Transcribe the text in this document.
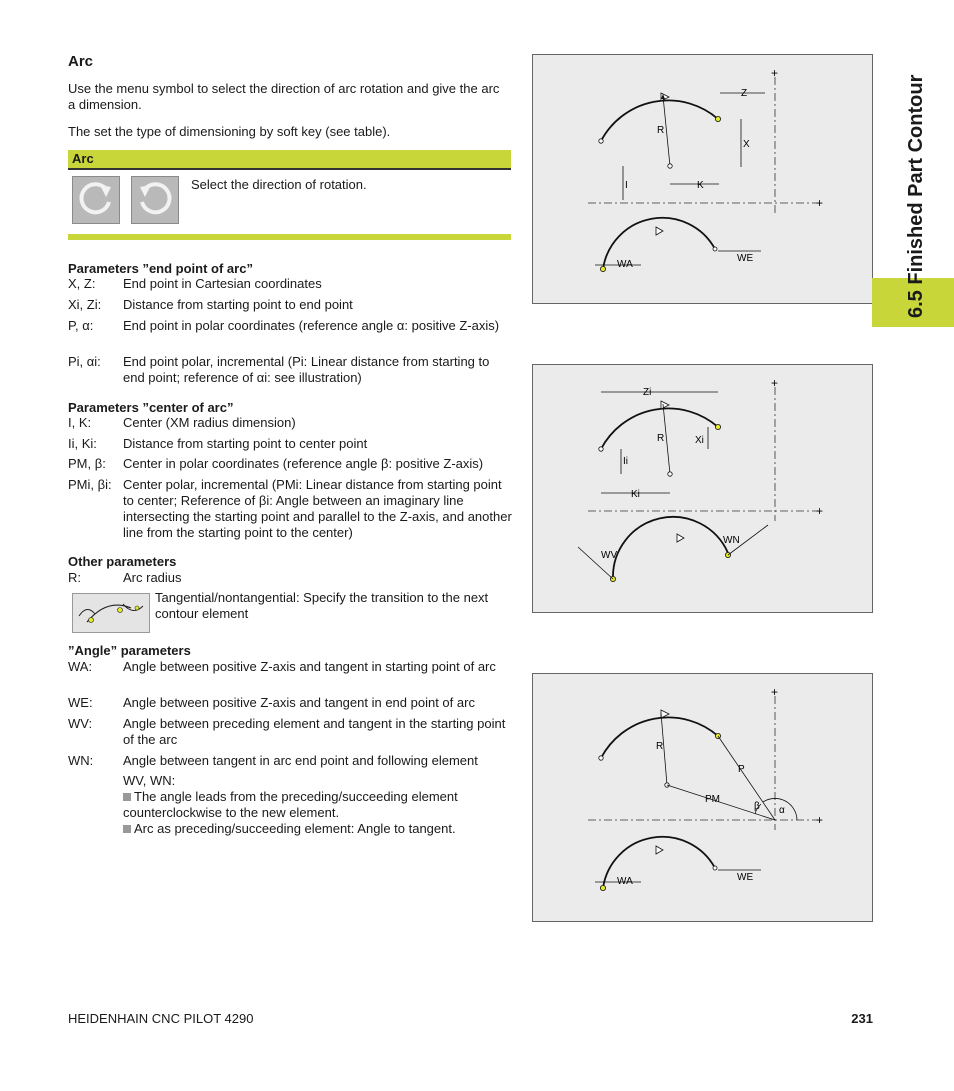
Arc
Use the menu symbol to select the direction of arc rotation and give the arc a dimension.
The set the type of dimensioning by soft key (see table).
Arc
Select the direction of rotation.
Parameters ”end point of arc”
X, Z: End point in Cartesian coordinates
Xi, Zi: Distance from starting point to end point
P, α: End point in polar coordinates (reference angle α: positive Z-axis)
Pi, αi: End point polar, incremental (Pi: Linear distance from starting to end point; reference of αi: see illustration)
Parameters ”center of arc”
I, K: Center (XM radius dimension)
Ii, Ki: Distance from starting point to center point
PM, β: Center in polar coordinates (reference angle β: positive Z-axis)
PMi, βi: Center polar, incremental (PMi: Linear distance from starting point to center; Reference of βi: Angle between an imaginary line intersecting the starting point and parallel to the Z-axis, and another line from the starting point to the center)
Other parameters
R:	Arc radius
Tangential/nontangential: Specify the transition to the next contour element
”Angle” parameters
WA: Angle between positive Z-axis and tangent in starting point of arc
WE: Angle between positive Z-axis and tangent in end point of arc
WV: Angle between preceding element and tangent in the starting point of the arc
WN: Angle between tangent in arc end point and following element
WV, WN:
The angle leads from the preceding/succeeding element counterclockwise to the new element.
Arc as preceding/succeeding element: Angle to tangent.
+
+
R
Z
X
I	K
WA
WE
+
+
R
Zi
Xi
Ii
Ki
WV
WN
+
+
R
P
PM
β α
WA	WE
6.5 Finished Part Contour
HEIDENHAIN CNC PILOT 4290	231
